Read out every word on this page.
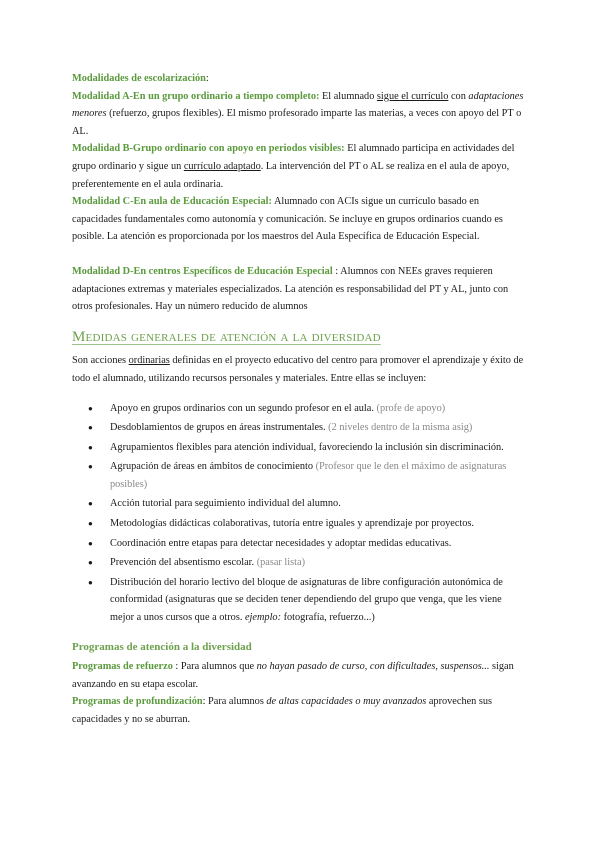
Modalidades de escolarización:

Modalidad A-En un grupo ordinario a tiempo completo: El alumnado sigue el currículo con adaptaciones menores (refuerzo, grupos flexibles). El mismo profesorado imparte las materias, a veces con apoyo del PT o AL.

Modalidad B-Grupo ordinario con apoyo en periodos visibles: El alumnado participa en actividades del grupo ordinario y sigue un currículo adaptado. La intervención del PT o AL se realiza en el aula de apoyo, preferentemente en el aula ordinaria.

Modalidad C-En aula de Educación Especial: Alumnado con ACIs sigue un currículo basado en capacidades fundamentales como autonomía y comunicación. Se incluye en grupos ordinarios cuando es posible. La atención es proporcionada por los maestros del Aula Específica de Educación Especial.

Modalidad D-En centros Específicos de Educación Especial : Alumnos con NEEs graves requieren adaptaciones extremas y materiales especializados. La atención es responsabilidad del PT y AL, junto con otros profesionales. Hay un número reducido de alumnos

Medidas generales de atención a la diversidad

Son acciones ordinarias definidas en el proyecto educativo del centro para promover el aprendizaje y éxito de todo el alumnado, utilizando recursos personales y materiales. Entre ellas se incluyen:

● Apoyo en grupos ordinarios con un segundo profesor en el aula. (profe de apoyo)
● Desdoblamientos de grupos en áreas instrumentales. (2 niveles dentro de la misma asig)
● Agrupamientos flexibles para atención individual, favoreciendo la inclusión sin discriminación.
● Agrupación de áreas en ámbitos de conocimiento (Profesor que le den el máximo de asignaturas posibles)
● Acción tutorial para seguimiento individual del alumno.
● Metodologías didácticas colaborativas, tutoría entre iguales y aprendizaje por proyectos.
● Coordinación entre etapas para detectar necesidades y adoptar medidas educativas.
● Prevención del absentismo escolar. (pasar lista)
● Distribución del horario lectivo del bloque de asignaturas de libre configuración autonómica de conformidad (asignaturas que se deciden tener dependiendo del grupo que venga, que les viene mejor a unos cursos que a otros. ejemplo: fotografía, refuerzo...)
Programas de atención a la diversidad

Programas de refuerzo : Para alumnos que no hayan pasado de curso, con dificultades, suspensos... sigan avanzando en su etapa escolar.

Programas de profundización: Para alumnos de altas capacidades o muy avanzados aprovechen sus capacidades y no se aburran.
